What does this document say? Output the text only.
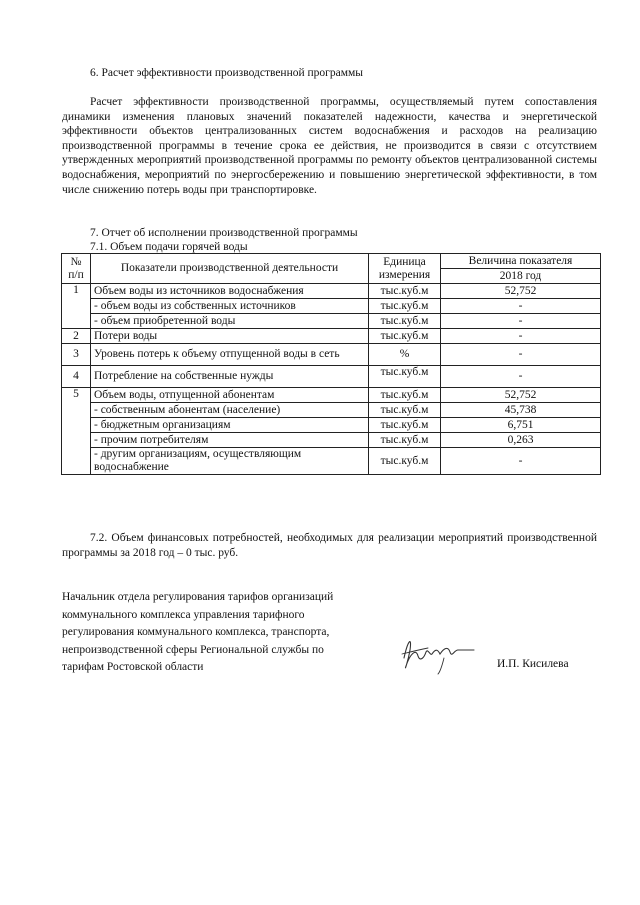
6. Расчет эффективности производственной программы
Расчет эффективности производственной программы, осуществляемый путем сопоставления динамики изменения плановых значений показателей надежности, качества и энергетической эффективности объектов централизованных систем водоснабжения и расходов на реализацию производственной программы в течение срока ее действия, не производится в связи с отсутствием утвержденных мероприятий производственной программы по ремонту объектов централизованной системы водоснабжения, мероприятий по энергосбережению и повышению энергетической эффективности, в том числе снижению потерь воды при транспортировке.
7. Отчет об исполнении производственной программы
7.1. Объем подачи горячей воды
№ п/п	Показатели производственной деятельности	Единица измерения	Величина показателя
			2018 год
1	Объем воды из источников водоснабжения	тыс.куб.м	52,752
	- объем воды из собственных источников	тыс.куб.м	-
	- объем приобретенной воды	тыс.куб.м	-
2	Потери воды	тыс.куб.м	-
3	Уровень потерь к объему отпущенной воды в сеть	%	-
4	Потребление на собственные нужды	тыс.куб.м	-
5	Объем воды, отпущенной абонентам	тыс.куб.м	52,752
	- собственным абонентам (население)	тыс.куб.м	45,738
	- бюджетным организациям	тыс.куб.м	6,751
	- прочим потребителям	тыс.куб.м	0,263
	- другим организациям, осуществляющим водоснабжение	тыс.куб.м	-
7.2. Объем финансовых потребностей, необходимых для реализации мероприятий производственной программы за 2018 год – 0 тыс. руб.
Начальник отдела регулирования тарифов организаций
коммунального комплекса управления тарифного
регулирования коммунального комплекса, транспорта,
непроизводственной сферы Региональной службы по
тарифам Ростовской области	И.П. Кисилева
